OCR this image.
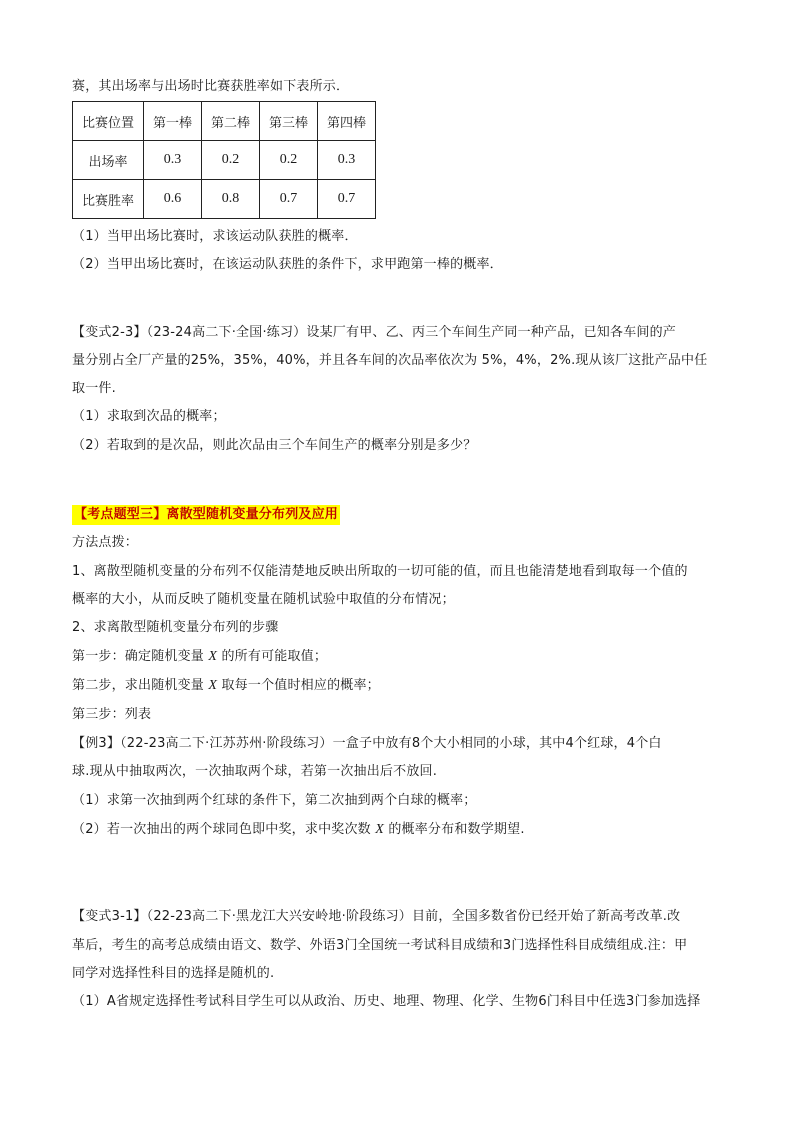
赛，其出场率与出场时比赛获胜率如下表所示．
比赛位置	第一棒	第二棒	第三棒	第四棒
出场率	0.3	0.2	0.2	0.3
比赛胜率	0.6	0.8	0.7	0.7
（1）当甲出场比赛时，求该运动队获胜的概率．
（2）当甲出场比赛时，在该运动队获胜的条件下，求甲跑第一棒的概率．
【变式2-3】（23-24高二下·全国·练习）设某厂有甲、乙、丙三个车间生产同一种产品，已知各车间的产
量分别占全厂产量的25%，35%，40%，并且各车间的次品率依次为 5%，4%，2%.现从该厂这批产品中任
取一件.
（1）求取到次品的概率；
（2）若取到的是次品，则此次品由三个车间生产的概率分别是多少？
【考点题型三】离散型随机变量分布列及应用
方法点拨：
1、离散型随机变量的分布列不仅能清楚地反映出所取的一切可能的值，而且也能清楚地看到取每一个值的
概率的大小，从而反映了随机变量在随机试验中取值的分布情况；
2、求离散型随机变量分布列的步骤
第一步：确定随机变量 X 的所有可能取值；
第二步，求出随机变量 X 取每一个值时相应的概率；
第三步：列表
【例3】（22-23高二下·江苏苏州·阶段练习）一盒子中放有8个大小相同的小球，其中4个红球，4个白
球.现从中抽取两次，一次抽取两个球，若第一次抽出后不放回.
（1）求第一次抽到两个红球的条件下，第二次抽到两个白球的概率；
（2）若一次抽出的两个球同色即中奖，求中奖次数 X 的概率分布和数学期望.
【变式3-1】（22-23高二下·黑龙江大兴安岭地·阶段练习）目前，全国多数省份已经开始了新高考改革.改
革后，考生的高考总成绩由语文、数学、外语3门全国统一考试科目成绩和3门选择性科目成绩组成.注：甲
同学对选择性科目的选择是随机的.
（1）A省规定选择性考试科目学生可以从政治、历史、地理、物理、化学、生物6门科目中任选3门参加选择
